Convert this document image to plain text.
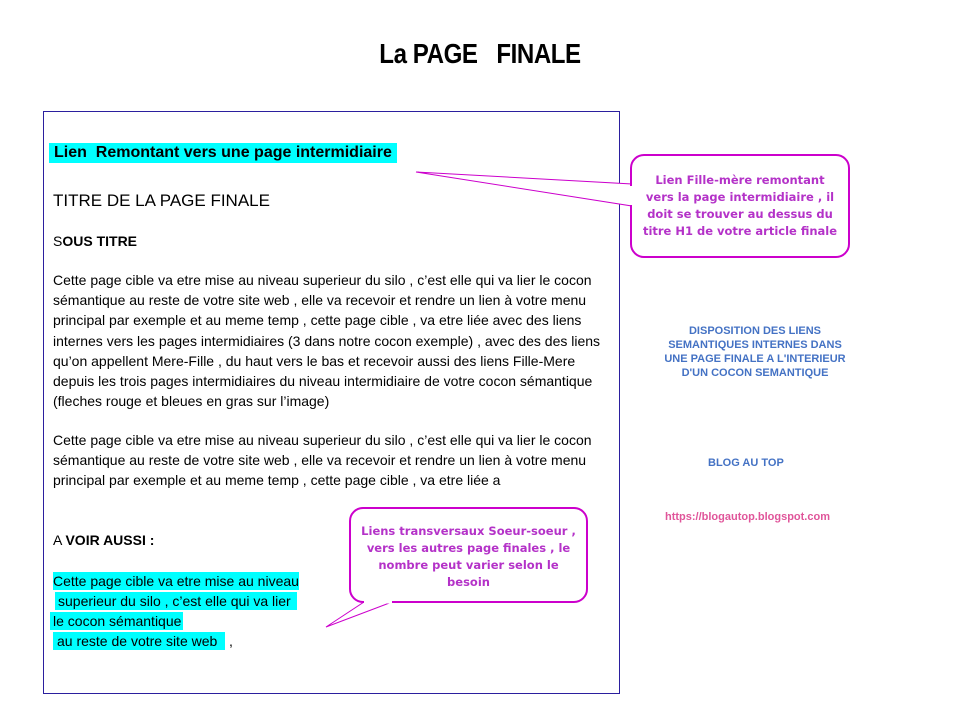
La PAGE   FINALE
Lien  Remontant vers une page intermidiaire
TITRE DE LA PAGE FINALE
SOUS TITRE
Cette page cible va etre mise au niveau superieur du silo , c’est elle qui va lier le cocon sémantique au reste de votre site web , elle va recevoir et rendre un lien à votre menu principal par exemple et au meme temp , cette page cible , va etre liée avec des liens internes vers les pages intermidiaires (3 dans notre cocon exemple) , avec des des liens qu’on appellent Mere-Fille , du haut vers le bas et recevoir aussi des liens Fille-Mere depuis les trois pages intermidiaires du niveau intermidiaire de votre cocon sémantique (fleches rouge et bleues en gras sur l’image)
Cette page cible va etre mise au niveau superieur du silo , c’est elle qui va lier le cocon sémantique au reste de votre site web , elle va recevoir et rendre un lien à votre menu principal par exemple et au meme temp , cette page cible , va etre liée a
A VOIR AUSSI :
Cette page cible va etre mise au niveau
superieur du silo , c’est elle qui va lier
le cocon sémantique
au reste de votre site web ,
Lien Fille-mère remontant vers la page intermidiaire , il doit se trouver au dessus du titre H1 de votre article finale
Liens transversaux Soeur-soeur , vers les autres page finales , le nombre peut varier selon le besoin
DISPOSITION DES LIENS SEMANTIQUES INTERNES DANS UNE PAGE FINALE A L'INTERIEUR D'UN COCON SEMANTIQUE
BLOG AU TOP
https://blogautop.blogspot.com
